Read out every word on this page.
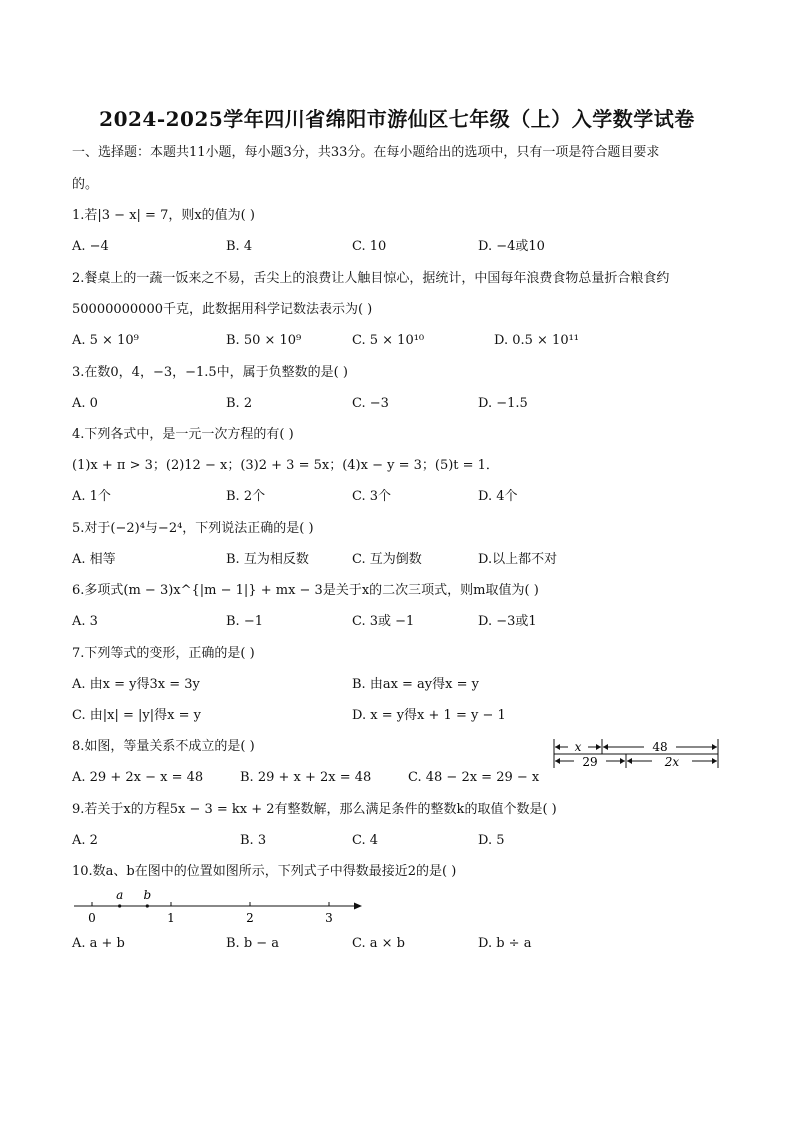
2024-2025学年四川省绵阳市游仙区七年级（上）入学数学试卷
一、选择题：本题共11小题，每小题3分，共33分。在每小题给出的选项中，只有一项是符合题目要求
的。
1.若|3 − x| = 7，则x的值为( )
A. −4	B. 4	C. 10	D. −4或10
2.餐桌上的一蔬一饭来之不易，舌尖上的浪费让人触目惊心，据统计，中国每年浪费食物总量折合粮食约
50000000000千克，此数据用科学记数法表示为( )
A. 5 × 10⁹	B. 50 × 10⁹	C. 5 × 10¹⁰	D. 0.5 × 10¹¹
3.在数0，4，−3，−1.5中，属于负整数的是( )
A. 0	B. 2	C. −3	D. −1.5
4.下列各式中，是一元一次方程的有( )
(1)x + π > 3；(2)12 − x；(3)2 + 3 = 5x；(4)x − y = 3；(5)t = 1．
A. 1个	B. 2个	C. 3个	D. 4个
5.对于(−2)⁴与−2⁴，下列说法正确的是( )
A. 相等	B. 互为相反数	C. 互为倒数	D.以上都不对
6.多项式(m − 3)x^{|m − 1|} + mx − 3是关于x的二次三项式，则m取值为( )
A. 3	B. −1	C. 3或 −1	D. −3或1
7.下列等式的变形，正确的是( )
A. 由x = y得3x = 3y	B. 由ax = ay得x = y
C. 由|x| = |y|得x = y	D. x = y得x + 1 = y − 1
8.如图，等量关系不成立的是( )
A. 29 + 2x − x = 48	B. 29 + x + 2x = 48	C. 48 − 2x = 29 − x
x	48
29	2x
9.若关于x的方程5x − 3 = kx + 2有整数解，那么满足条件的整数k的取值个数是( )
A. 2	B. 3	C. 4	D. 5
10.数a、b在图中的位置如图所示，下列式子中得数最接近2的是( )
0	1	2	3
a b
A. a + b	B. b − a	C. a × b	D. b ÷ a
